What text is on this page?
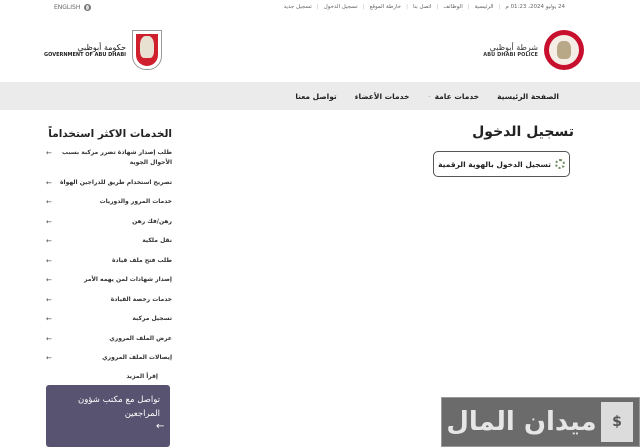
ENGLISH	24 يوليو 2024، 01:23 م
|
الرئيسية
|
الوظائف
|
اتصل بنا
|
خارطة الموقع
|
تسجيل الدخول
|
تسجيل جديد
شرطة أبوظبي
ABU DHABI POLICE
حكومة أبوظبي
GOVERNMENT OF ABU DHABI
الصفحة الرئيسية
خدمات عامة
⌄
خدمات الأعضاء
تواصل معنا
تسجيل الدخول
تسجيل الدخول بالهوية الرقمية
الخدمات الاكثر استخداماً
طلب إصدار شهادة تضرر مركبة بسبب الأحوال الجوية
←
تصريح استخدام طريق للدراجين الهواة
←
خدمات المرور والدوريات
←
رهن/فك رهن
←
نقل ملكية
←
طلب فتح ملف قيادة
←
إصدار شهادات لمن يهمه الأمر
←
خدمات رخصة القيادة
←
تسجيل مركبة
←
عرض الملف المروري
←
إيصالات الملف المروري
←
إقرأ المزيد
تواصل مع مكتب شؤون المراجعين
←	ميدان المال	$
